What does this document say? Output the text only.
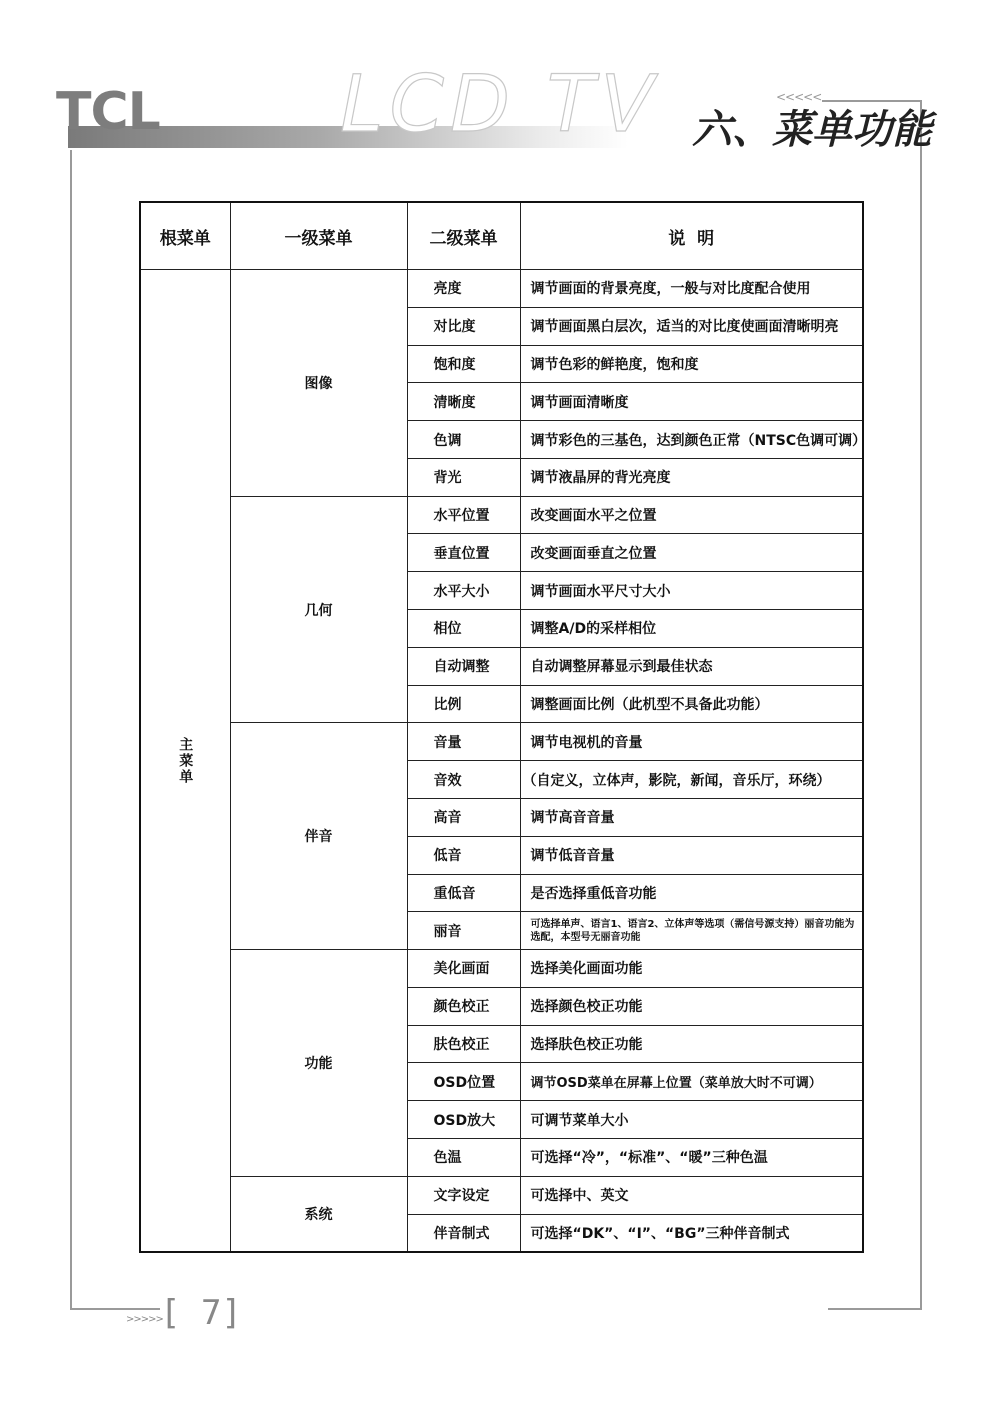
LCD TV
TCL	<<<<<
六、菜单功能
根菜单	一级菜单	二级菜单	说  明

主菜单	图像	亮度	调节画面的背景亮度，一般与对比度配合使用
		对比度	调节画面黑白层次，适当的对比度使画面清晰明亮
		饱和度	调节色彩的鲜艳度，饱和度
		清晰度	调节画面清晰度
		色调	调节彩色的三基色，达到颜色正常（NTSC色调可调）
		背光	调节液晶屏的背光亮度
	几何	水平位置	改变画面水平之位置
		垂直位置	改变画面垂直之位置
		水平大小	调节画面水平尺寸大小
		相位	调整A/D的采样相位
		自动调整	自动调整屏幕显示到最佳状态
		比例	调整画面比例（此机型不具备此功能）
	伴音	音量	调节电视机的音量
		音效	（自定义，立体声，影院，新闻，音乐厅，环绕）
		高音	调节高音音量
		低音	调节低音音量
		重低音	是否选择重低音功能
		丽音	可选择单声、语言1、语言2、立体声等选项（需信号源支持）丽音功能为选配，本型号无丽音功能
	功能	美化画面	选择美化画面功能
		颜色校正	选择颜色校正功能
		肤色校正	选择肤色校正功能
		OSD位置	调节OSD菜单在屏幕上位置（菜单放大时不可调）
		OSD放大	可调节菜单大小
		色温	可选择“冷”，“标准”、“暖”三种色温
	系统	文字设定	可选择中、英文
		伴音制式	可选择“DK”、“I”、“BG”三种伴音制式
>>>>>
[ 7]
